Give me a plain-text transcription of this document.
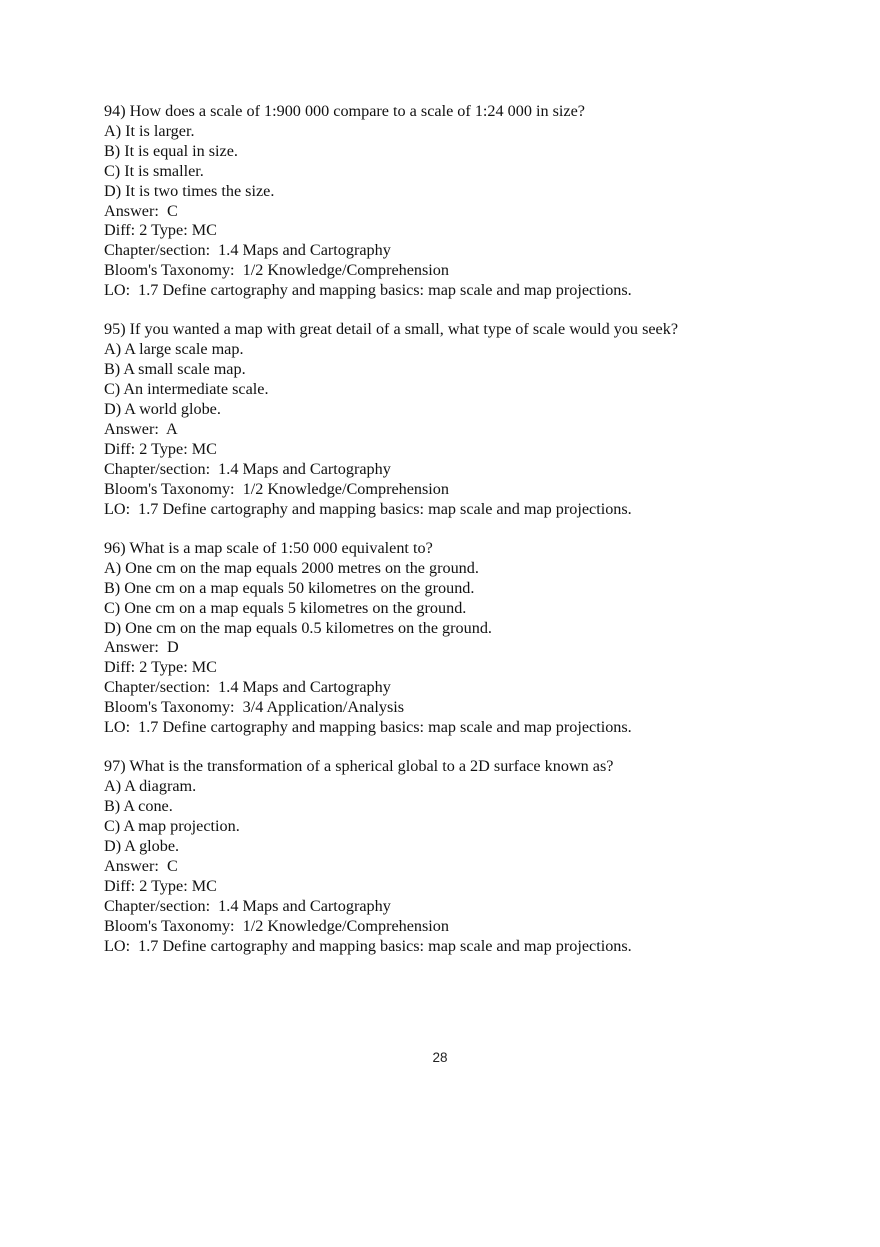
94) How does a scale of 1:900 000 compare to a scale of 1:24 000 in size?
A) It is larger.
B) It is equal in size.
C) It is smaller.
D) It is two times the size.
Answer:  C
Diff: 2 Type: MC
Chapter/section:  1.4 Maps and Cartography
Bloom's Taxonomy:  1/2 Knowledge/Comprehension
LO:  1.7 Define cartography and mapping basics: map scale and map projections.
95) If you wanted a map with great detail of a small, what type of scale would you seek?
A) A large scale map.
B) A small scale map.
C) An intermediate scale.
D) A world globe.
Answer:  A
Diff: 2 Type: MC
Chapter/section:  1.4 Maps and Cartography
Bloom's Taxonomy:  1/2 Knowledge/Comprehension
LO:  1.7 Define cartography and mapping basics: map scale and map projections.
96) What is a map scale of 1:50 000 equivalent to?
A) One cm on the map equals 2000 metres on the ground.
B) One cm on a map equals 50 kilometres on the ground.
C) One cm on a map equals 5 kilometres on the ground.
D) One cm on the map equals 0.5 kilometres on the ground.
Answer:  D
Diff: 2 Type: MC
Chapter/section:  1.4 Maps and Cartography
Bloom's Taxonomy:  3/4 Application/Analysis
LO:  1.7 Define cartography and mapping basics: map scale and map projections.
97) What is the transformation of a spherical global to a 2D surface known as?
A) A diagram.
B) A cone.
C) A map projection.
D) A globe.
Answer:  C
Diff: 2 Type: MC
Chapter/section:  1.4 Maps and Cartography
Bloom's Taxonomy:  1/2 Knowledge/Comprehension
LO:  1.7 Define cartography and mapping basics: map scale and map projections.
28
